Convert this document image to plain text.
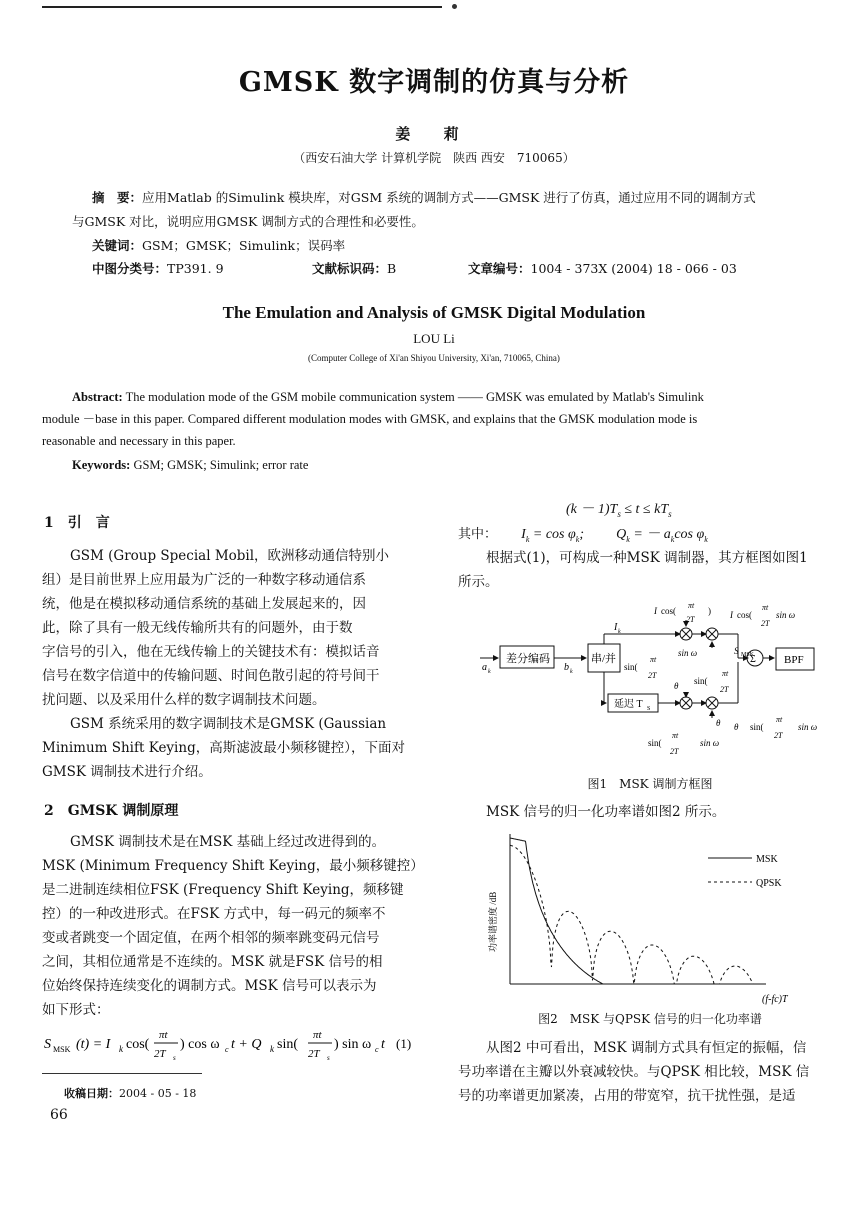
GMSK 数字调制的仿真与分析
姜 莉
（西安石油大学 计算机学院　陕西 西安　710065）
摘　要：应用Matlab 的Simulink 模块库，对GSM 系统的调制方式——GMSK 进行了仿真，通过应用不同的调制方式
与GMSK 对比，说明应用GMSK 调制方式的合理性和必要性。
关键词：GSM；GMSK；Simulink；误码率
中图分类号：TP391. 9	文献标识码：B	文章编号：1004 - 373X (2004) 18 - 066 - 03
The Emulation and Analysis of GMSK Digital Modulation
LOU Li
(Computer College of Xi'an Shiyou University, Xi'an, 710065, China)
Abstract: The modulation mode of the GSM mobile communication system —— GMSK was emulated by Matlab's Simulink
module －base in this paper. Compared different modulation modes with GMSK, and explains that the GMSK modulation mode is
reasonable and necessary in this paper.
Keywords: GSM; GMSK; Simulink; error rate
1　引　言
GSM (Group Special Mobil，欧洲移动通信特别小
组）是目前世界上应用最为广泛的一种数字移动通信系
统，他是在模拟移动通信系统的基础上发展起来的，因
此，除了具有一般无线传输所共有的问题外，由于数
字信号的引入，他在无线传输上的关键技术有：模拟话音
信号在数字信道中的传输问题、时间色散引起的符号间干
扰问题、以及采用什么样的数字调制技术问题。
GSM 系统采用的数字调制技术是GMSK (Gaussian
Minimum Shift Keying，高斯滤波最小频移键控），下面对
GMSK 调制技术进行介绍。
2　GMSK 调制原理
GMSK 调制技术是在MSK 基础上经过改进得到的。
MSK (Minimum Frequency Shift Keying，最小频移键控）
是二进制连续相位FSK (Frequency Shift Keying，频移键
控）的一种改进形式。在FSK 方式中，每一码元的频率不
变或者跳变一个固定值，在两个相邻的频率跳变码元信号
之间，其相位通常是不连续的。MSK 就是FSK 信号的相
位始终保持连续变化的调制方式。MSK 信号可以表示为
如下形式：
S MSK (t) = I k cos(
πt
2T s
) cos ω c t + Q k sin(
πt
2T s
) sin ω c t (1)
收稿日期：2004 - 05 - 18
66
$(k - 1)T_s \le t \le kT_s$
其中： $I_k = \cos \varphi_k$; $Q_k$ = － $a_k\cos$ $\varphi_k$
根据式(1)，可构成一种MSK 调制器，其方框图如图1
所示。
差分编码	串/并
延迟 T S
Σ	BPF
a k	b k
I k
I cos(
πt
2T
) I cos(
πt
2T
sin ω
sin(
πt
2T
sin ω
θ sin(
πt
2T
S MSK
θ θ sin(
πt
2T
sin ω
sin(
πt
2T
sin ω
图1　MSK 调制方框图
MSK 信号的归一化功率谱如图2 所示。
MSK
QPSK
(f-fc)T
功率谱密度 /dB
图2　MSK 与QPSK 信号的归一化功率谱
从图2 中可看出，MSK 调制方式具有恒定的振幅，信
号功率谱在主瓣以外衰减较快。与QPSK 相比较，MSK 信
号的功率谱更加紧凑，占用的带宽窄，抗干扰性强，是适
